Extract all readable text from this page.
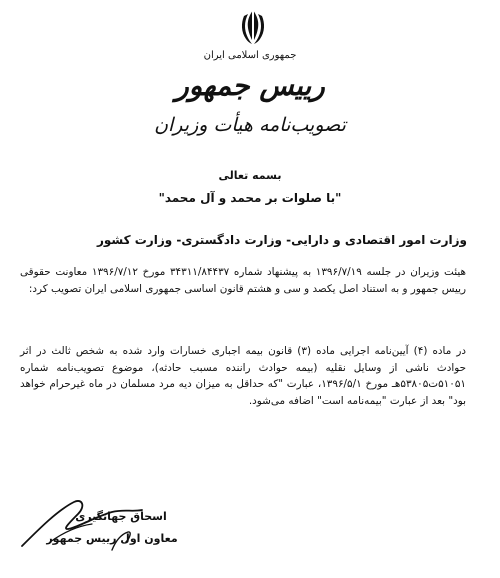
جمهوری اسلامی ایران
رییس جمهور
تصویب‌نامه هیأت وزیران
بسمه تعالی
"با صلوات بر محمد و آل محمد"
وزارت امور اقتصادی و دارایی- وزارت دادگستری- وزارت کشور

هیئت وزیران در جلسه ۱۳۹۶/۷/۱۹ به پیشنهاد شماره ۳۴۳۱۱/۸۴۴۳۷ مورخ ۱۳۹۶/۷/۱۲ معاونت حقوقی رییس جمهور و به استناد اصل یکصد و سی و هشتم قانون اساسی جمهوری اسلامی ایران تصویب کرد:

در ماده (۴) آیین‌نامه اجرایی ماده (۳) قانون بیمه اجباری خسارات وارد شده به شخص ثالث در اثر حوادث ناشی از وسایل نقلیه (بیمه حوادث راننده مسبب حادثه)، موضوع تصویب‌نامه شماره ۵۱۰۵۱ت۵۳۸۰۵هـ مورخ ۱۳۹۶/۵/۱، عبارت "که حداقل به میزان دیه مرد مسلمان در ماه غیرحرام خواهد بود" بعد از عبارت "بیمه‌نامه است" اضافه می‌شود.

اسحاق جهانگیری
معاون اول رییس جمهور
